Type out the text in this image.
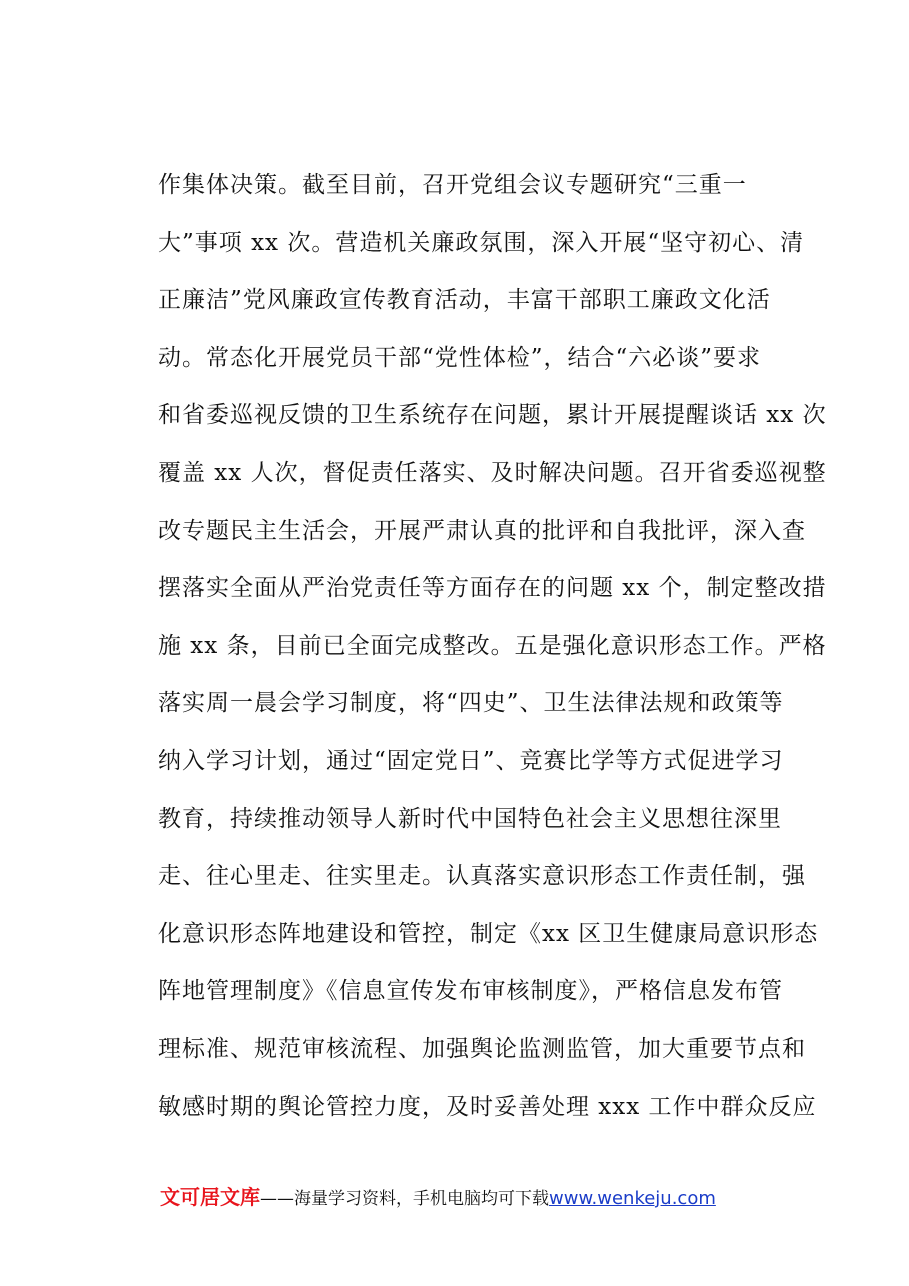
作集体决策。截至目前，召开党组会议专题研究“三重一
大”事项 xx 次。营造机关廉政氛围，深入开展“坚守初心、清
正廉洁”党风廉政宣传教育活动，丰富干部职工廉政文化活
动。常态化开展党员干部“党性体检”，结合“六必谈”要求
和省委巡视反馈的卫生系统存在问题，累计开展提醒谈话 xx 次
覆盖 xx 人次，督促责任落实、及时解决问题。召开省委巡视整
改专题民主生活会，开展严肃认真的批评和自我批评，深入查
摆落实全面从严治党责任等方面存在的问题 xx 个，制定整改措
施 xx 条，目前已全面完成整改。五是强化意识形态工作。严格
落实周一晨会学习制度，将“四史”、卫生法律法规和政策等
纳入学习计划，通过“固定党日”、竞赛比学等方式促进学习
教育，持续推动领导人新时代中国特色社会主义思想往深里
走、往心里走、往实里走。认真落实意识形态工作责任制，强
化意识形态阵地建设和管控，制定《xx 区卫生健康局意识形态
阵地管理制度》《信息宣传发布审核制度》，严格信息发布管
理标准、规范审核流程、加强舆论监测监管，加大重要节点和
敏感时期的舆论管控力度，及时妥善处理 xxx 工作中群众反应
文可居文库——海量学习资料，手机电脑均可下载www.wenkeju.com
